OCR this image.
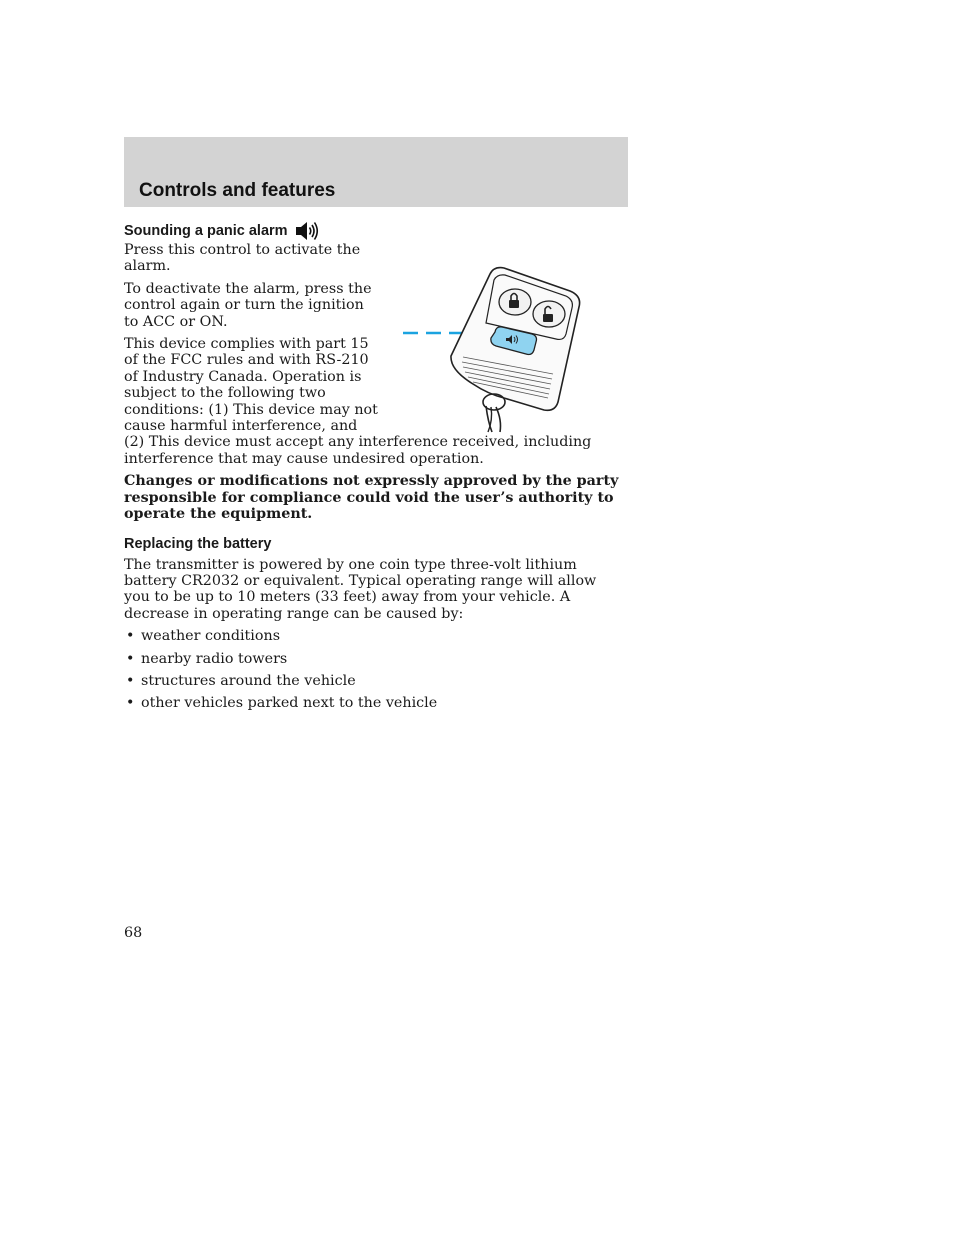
Controls and features
Sounding a panic alarm

Press this control to activate the alarm.

To deactivate the alarm, press the control again or turn the ignition to ACC or ON.

This device complies with part 15 of the FCC rules and with RS-210 of Industry Canada. Operation is subject to the following two conditions: (1) This device may not cause harmful interference, and (2) This device must accept any interference received, including interference that may cause undesired operation.

Changes or modifications not expressly approved by the party responsible for compliance could void the user’s authority to operate the equipment.

Replacing the battery

The transmitter is powered by one coin type three-volt lithium battery CR2032 or equivalent. Typical operating range will allow you to be up to 10 meters (33 feet) away from your vehicle. A decrease in operating range can be caused by:

• weather conditions
• nearby radio towers
• structures around the vehicle
• other vehicles parked next to the vehicle
68
